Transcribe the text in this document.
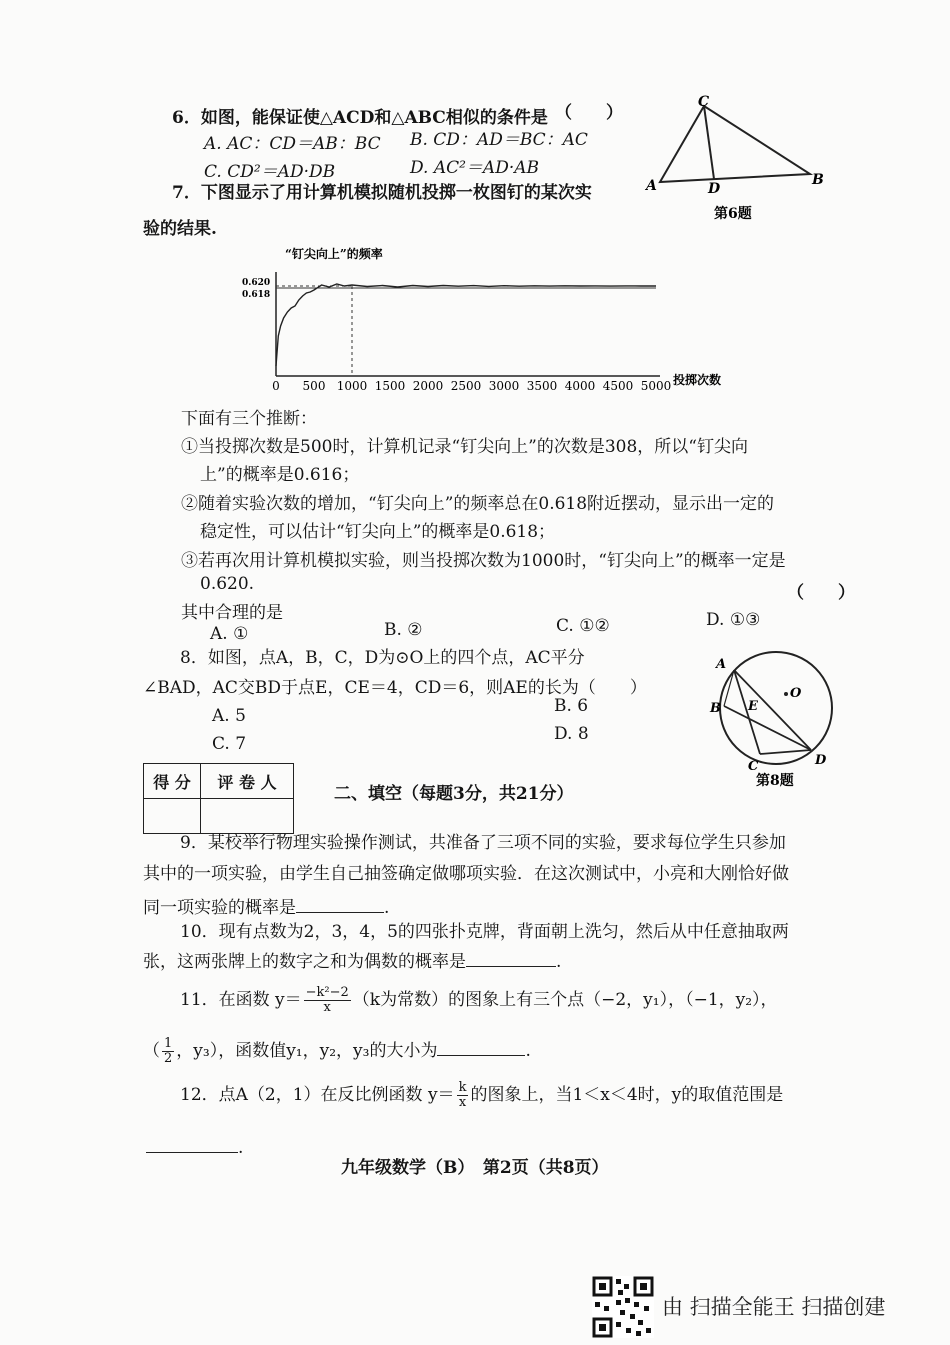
6．如图，能保证使△ACD和△ABC相似的条件是 （　　）
A. AC：CD＝AB：BC B. CD：AD＝BC：AC
C. CD²＝AD·DB	D. AC²＝AD·AB
C
A	D
B
第6题
7．下图显示了用计算机模拟随机投掷一枚图钉的某次实
验的结果.
“钉尖向上”的频率
0.620
0.618
0 500 1000 1500 2000 2500 3000 3500 4000 4500 5000 投掷次数
下面有三个推断：
①当投掷次数是500时，计算机记录“钉尖向上”的次数是308，所以“钉尖向
上”的概率是0.616；
②随着实验次数的增加，“钉尖向上”的频率总在0.618附近摆动，显示出一定的
稳定性，可以估计“钉尖向上”的概率是0.618；
③若再次用计算机模拟实验，则当投掷次数为1000时，“钉尖向上”的概率一定是
0.620.	（　　）
其中合理的是
A. ①	B. ②	C. ①②	D. ①③
8．如图，点A，B，C，D为⊙O上的四个点，AC平分
∠BAD，AC交BD于点E，CE＝4，CD＝6，则AE的长为（　　）
A. 5	B. 6
C. 7	D. 8
A
O
B E
C	D
第8题
得 分	评 卷 人

二、填空（每题3分，共21分）
9．某校举行物理实验操作测试，共准备了三项不同的实验，要求每位学生只参加
其中的一项实验，由学生自己抽签确定做哪项实验．在这次测试中，小亮和大刚恰好做
同一项实验的概率是	.
10．现有点数为2，3，4，5的四张扑克牌，背面朝上洗匀，然后从中任意抽取两
张，这两张牌上的数字之和为偶数的概率是	.
11．在函数 $y= \frac{\text{−k²−2}}{x} (k$为常数）的图象上有三个点（−2，y₁），（−1，y₂），
（ $\frac{1}{2}$ ，y₃），函数值y₁，y₂，y₃的大小为	.
12．点A（2，1）在反比例函数 $y= \frac{k}{x}$ 的图象上，当1＜x＜4时，y的取值范围是
.
九年级数学（B）　第2页（共8页）
由 扫描全能王 扫描创建
